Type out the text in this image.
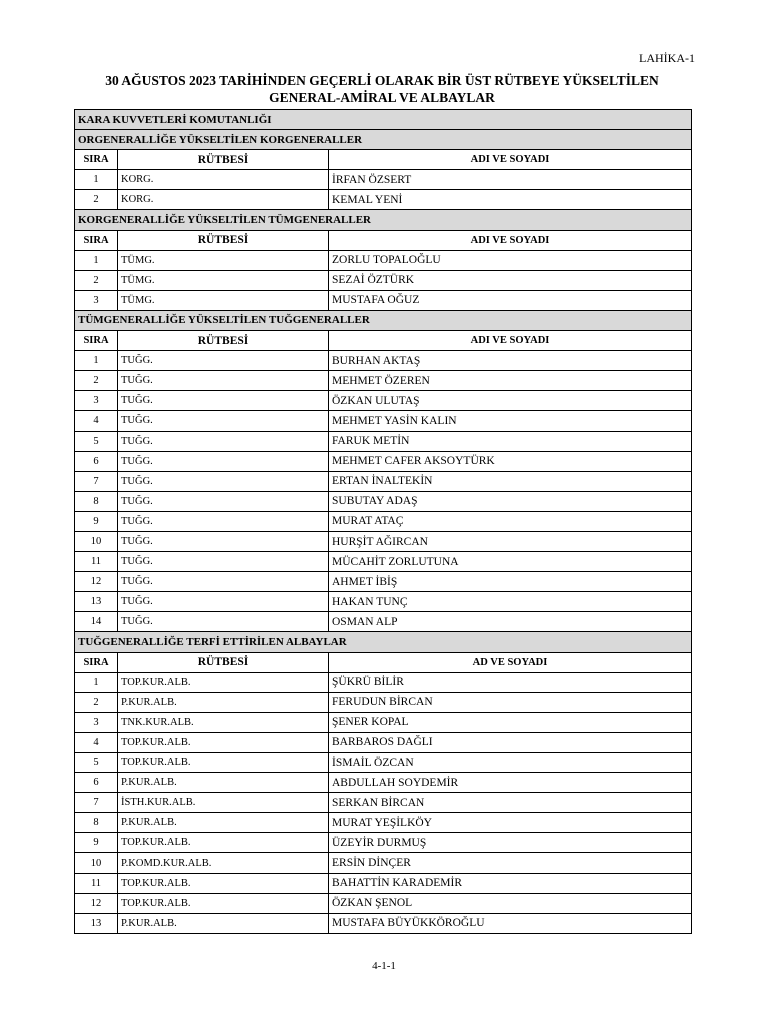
LAHİKA-1
30 AĞUSTOS 2023 TARİHİNDEN GEÇERLİ OLARAK BİR ÜST RÜTBEYE YÜKSELTİLEN
GENERAL-AMİRAL VE ALBAYLAR
KARA KUVVETLERİ KOMUTANLIĞI		
ORGENERALLİĞE YÜKSELTİLEN KORGENERALLER		
SIRA	RÜTBESİ	ADI VE SOYADI
1	KORG.	İRFAN ÖZSERT
2	KORG.	KEMAL YENİ
KORGENERALLİĞE YÜKSELTİLEN TÜMGENERALLER		
SIRA	RÜTBESİ	ADI VE SOYADI
1	TÜMG.	ZORLU TOPALOĞLU
2	TÜMG.	SEZAİ ÖZTÜRK
3	TÜMG.	MUSTAFA OĞUZ
TÜMGENERALLİĞE YÜKSELTİLEN TUĞGENERALLER		
SIRA	RÜTBESİ	ADI VE SOYADI
1	TUĞG.	BURHAN AKTAŞ
2	TUĞG.	MEHMET ÖZEREN
3	TUĞG.	ÖZKAN ULUTAŞ
4	TUĞG.	MEHMET YASİN KALIN
5	TUĞG.	FARUK METİN
6	TUĞG.	MEHMET CAFER AKSOYTÜRK
7	TUĞG.	ERTAN İNALTEKİN
8	TUĞG.	SUBUTAY ADAŞ
9	TUĞG.	MURAT ATAÇ
10	TUĞG.	HURŞİT AĞIRCAN
11	TUĞG.	MÜCAHİT ZORLUTUNA
12	TUĞG.	AHMET İBİŞ
13	TUĞG.	HAKAN TUNÇ
14	TUĞG.	OSMAN ALP
TUĞGENERALLİĞE TERFİ ETTİRİLEN ALBAYLAR		
SIRA	RÜTBESİ	AD VE SOYADI
1	TOP.KUR.ALB.	ŞÜKRÜ BİLİR
2	P.KUR.ALB.	FERUDUN BİRCAN
3	TNK.KUR.ALB.	ŞENER KOPAL
4	TOP.KUR.ALB.	BARBAROS DAĞLI
5	TOP.KUR.ALB.	İSMAİL ÖZCAN
6	P.KUR.ALB.	ABDULLAH SOYDEMİR
7	İSTH.KUR.ALB.	SERKAN BİRCAN
8	P.KUR.ALB.	MURAT YEŞİLKÖY
9	TOP.KUR.ALB.	ÜZEYİR DURMUŞ
10	P.KOMD.KUR.ALB.	ERSİN DİNÇER
11	TOP.KUR.ALB.	BAHATTİN KARADEMİR
12	TOP.KUR.ALB.	ÖZKAN ŞENOL
13	P.KUR.ALB.	MUSTAFA BÜYÜKKÖROĞLU
4-1-1
